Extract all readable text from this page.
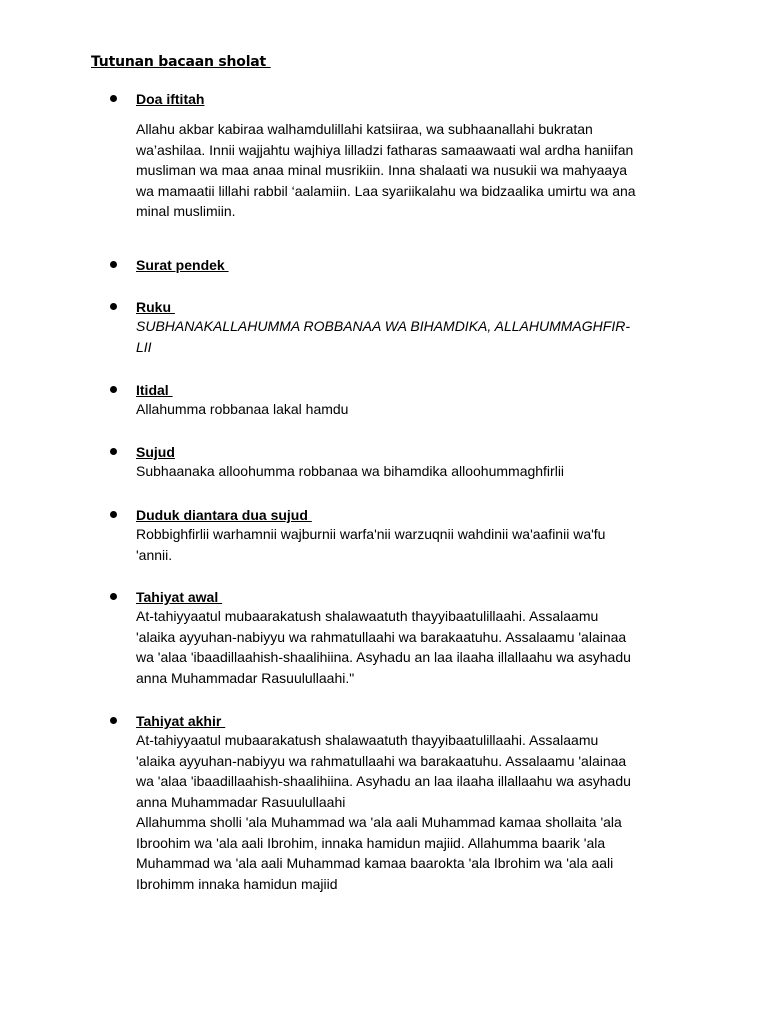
Tutunan bacaan sholat
Doa iftitah
Allahu akbar kabiraa walhamdulillahi katsiiraa, wa subhaanallahi bukratan
wa’ashilaa. Innii wajjahtu wajhiya lilladzi fatharas samaawaati wal ardha haniifan
musliman wa maa anaa minal musrikiin. Inna shalaati wa nusukii wa mahyaaya
wa mamaatii lillahi rabbil ‘aalamiin. Laa syariikalahu wa bidzaalika umirtu wa ana
minal muslimiin.
Surat pendek
Ruku
SUBHANAKALLAHUMMA ROBBANAA WA BIHAMDIKA, ALLAHUMMAGHFIR-
LII
Itidal
Allahumma robbanaa lakal hamdu
Sujud
Subhaanaka alloohumma robbanaa wa bihamdika alloohummaghfirlii
Duduk diantara dua sujud
Robbighfirlii warhamnii wajburnii warfa'nii warzuqnii wahdinii wa'aafinii wa'fu
'annii.
Tahiyat awal
At-tahiyyaatul mubaarakatush shalawaatuth thayyibaatulillaahi. Assalaamu
'alaika ayyuhan-nabiyyu wa rahmatullaahi wa barakaatuhu. Assalaamu 'alainaa
wa 'alaa 'ibaadillaahish-shaalihiina. Asyhadu an laa ilaaha illallaahu wa asyhadu
anna Muhammadar Rasuulullaahi."
Tahiyat akhir
At-tahiyyaatul mubaarakatush shalawaatuth thayyibaatulillaahi. Assalaamu
'alaika ayyuhan-nabiyyu wa rahmatullaahi wa barakaatuhu. Assalaamu 'alainaa
wa 'alaa 'ibaadillaahish-shaalihiina. Asyhadu an laa ilaaha illallaahu wa asyhadu
anna Muhammadar Rasuulullaahi
Allahumma sholli 'ala Muhammad wa 'ala aali Muhammad kamaa shollaita 'ala
Ibroohim wa 'ala aali Ibrohim, innaka hamidun majiid. Allahumma baarik 'ala
Muhammad wa 'ala aali Muhammad kamaa baarokta 'ala Ibrohim wa 'ala aali
Ibrohimm innaka hamidun majiid
